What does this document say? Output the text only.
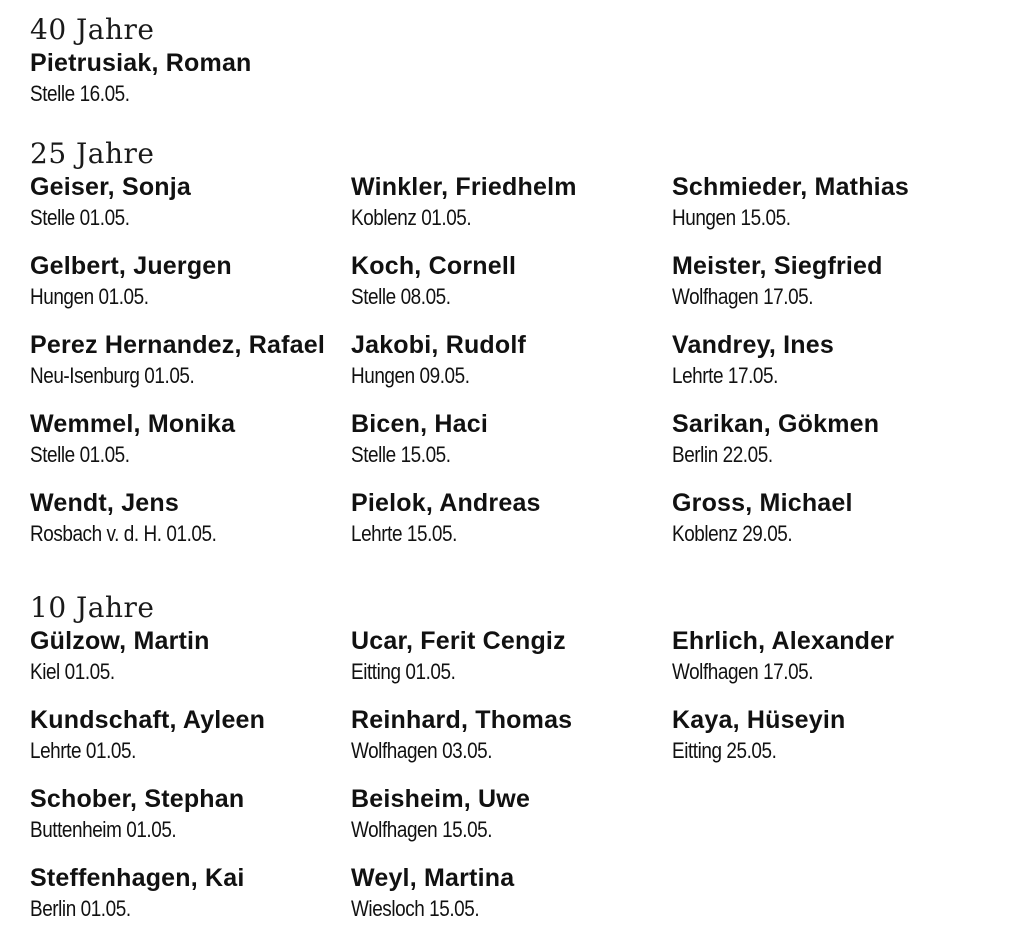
40 Jahre
Pietrusiak, Roman
Stelle 16.05.
25 Jahre
Geiser, Sonja
Stelle 01.05.
Winkler, Friedhelm
Koblenz 01.05.
Schmieder, Mathias
Hungen 15.05.
Gelbert, Juergen
Hungen 01.05.
Koch, Cornell
Stelle 08.05.
Meister, Siegfried
Wolfhagen 17.05.
Perez Hernandez, Rafael
Neu-Isenburg 01.05.
Jakobi, Rudolf
Hungen 09.05.
Vandrey, Ines
Lehrte 17.05.
Wemmel, Monika
Stelle 01.05.
Bicen, Haci
Stelle 15.05.
Sarikan, Gökmen
Berlin 22.05.
Wendt, Jens
Rosbach v. d. H. 01.05.
Pielok, Andreas
Lehrte 15.05.
Gross, Michael
Koblenz 29.05.
10 Jahre
Gülzow, Martin
Kiel 01.05.
Ucar, Ferit Cengiz
Eitting 01.05.
Ehrlich, Alexander
Wolfhagen 17.05.
Kundschaft, Ayleen
Lehrte 01.05.
Reinhard, Thomas
Wolfhagen 03.05.
Kaya, Hüseyin
Eitting 25.05.
Schober, Stephan
Buttenheim 01.05.
Beisheim, Uwe
Wolfhagen 15.05.
Steffenhagen, Kai
Berlin 01.05.
Weyl, Martina
Wiesloch 15.05.
